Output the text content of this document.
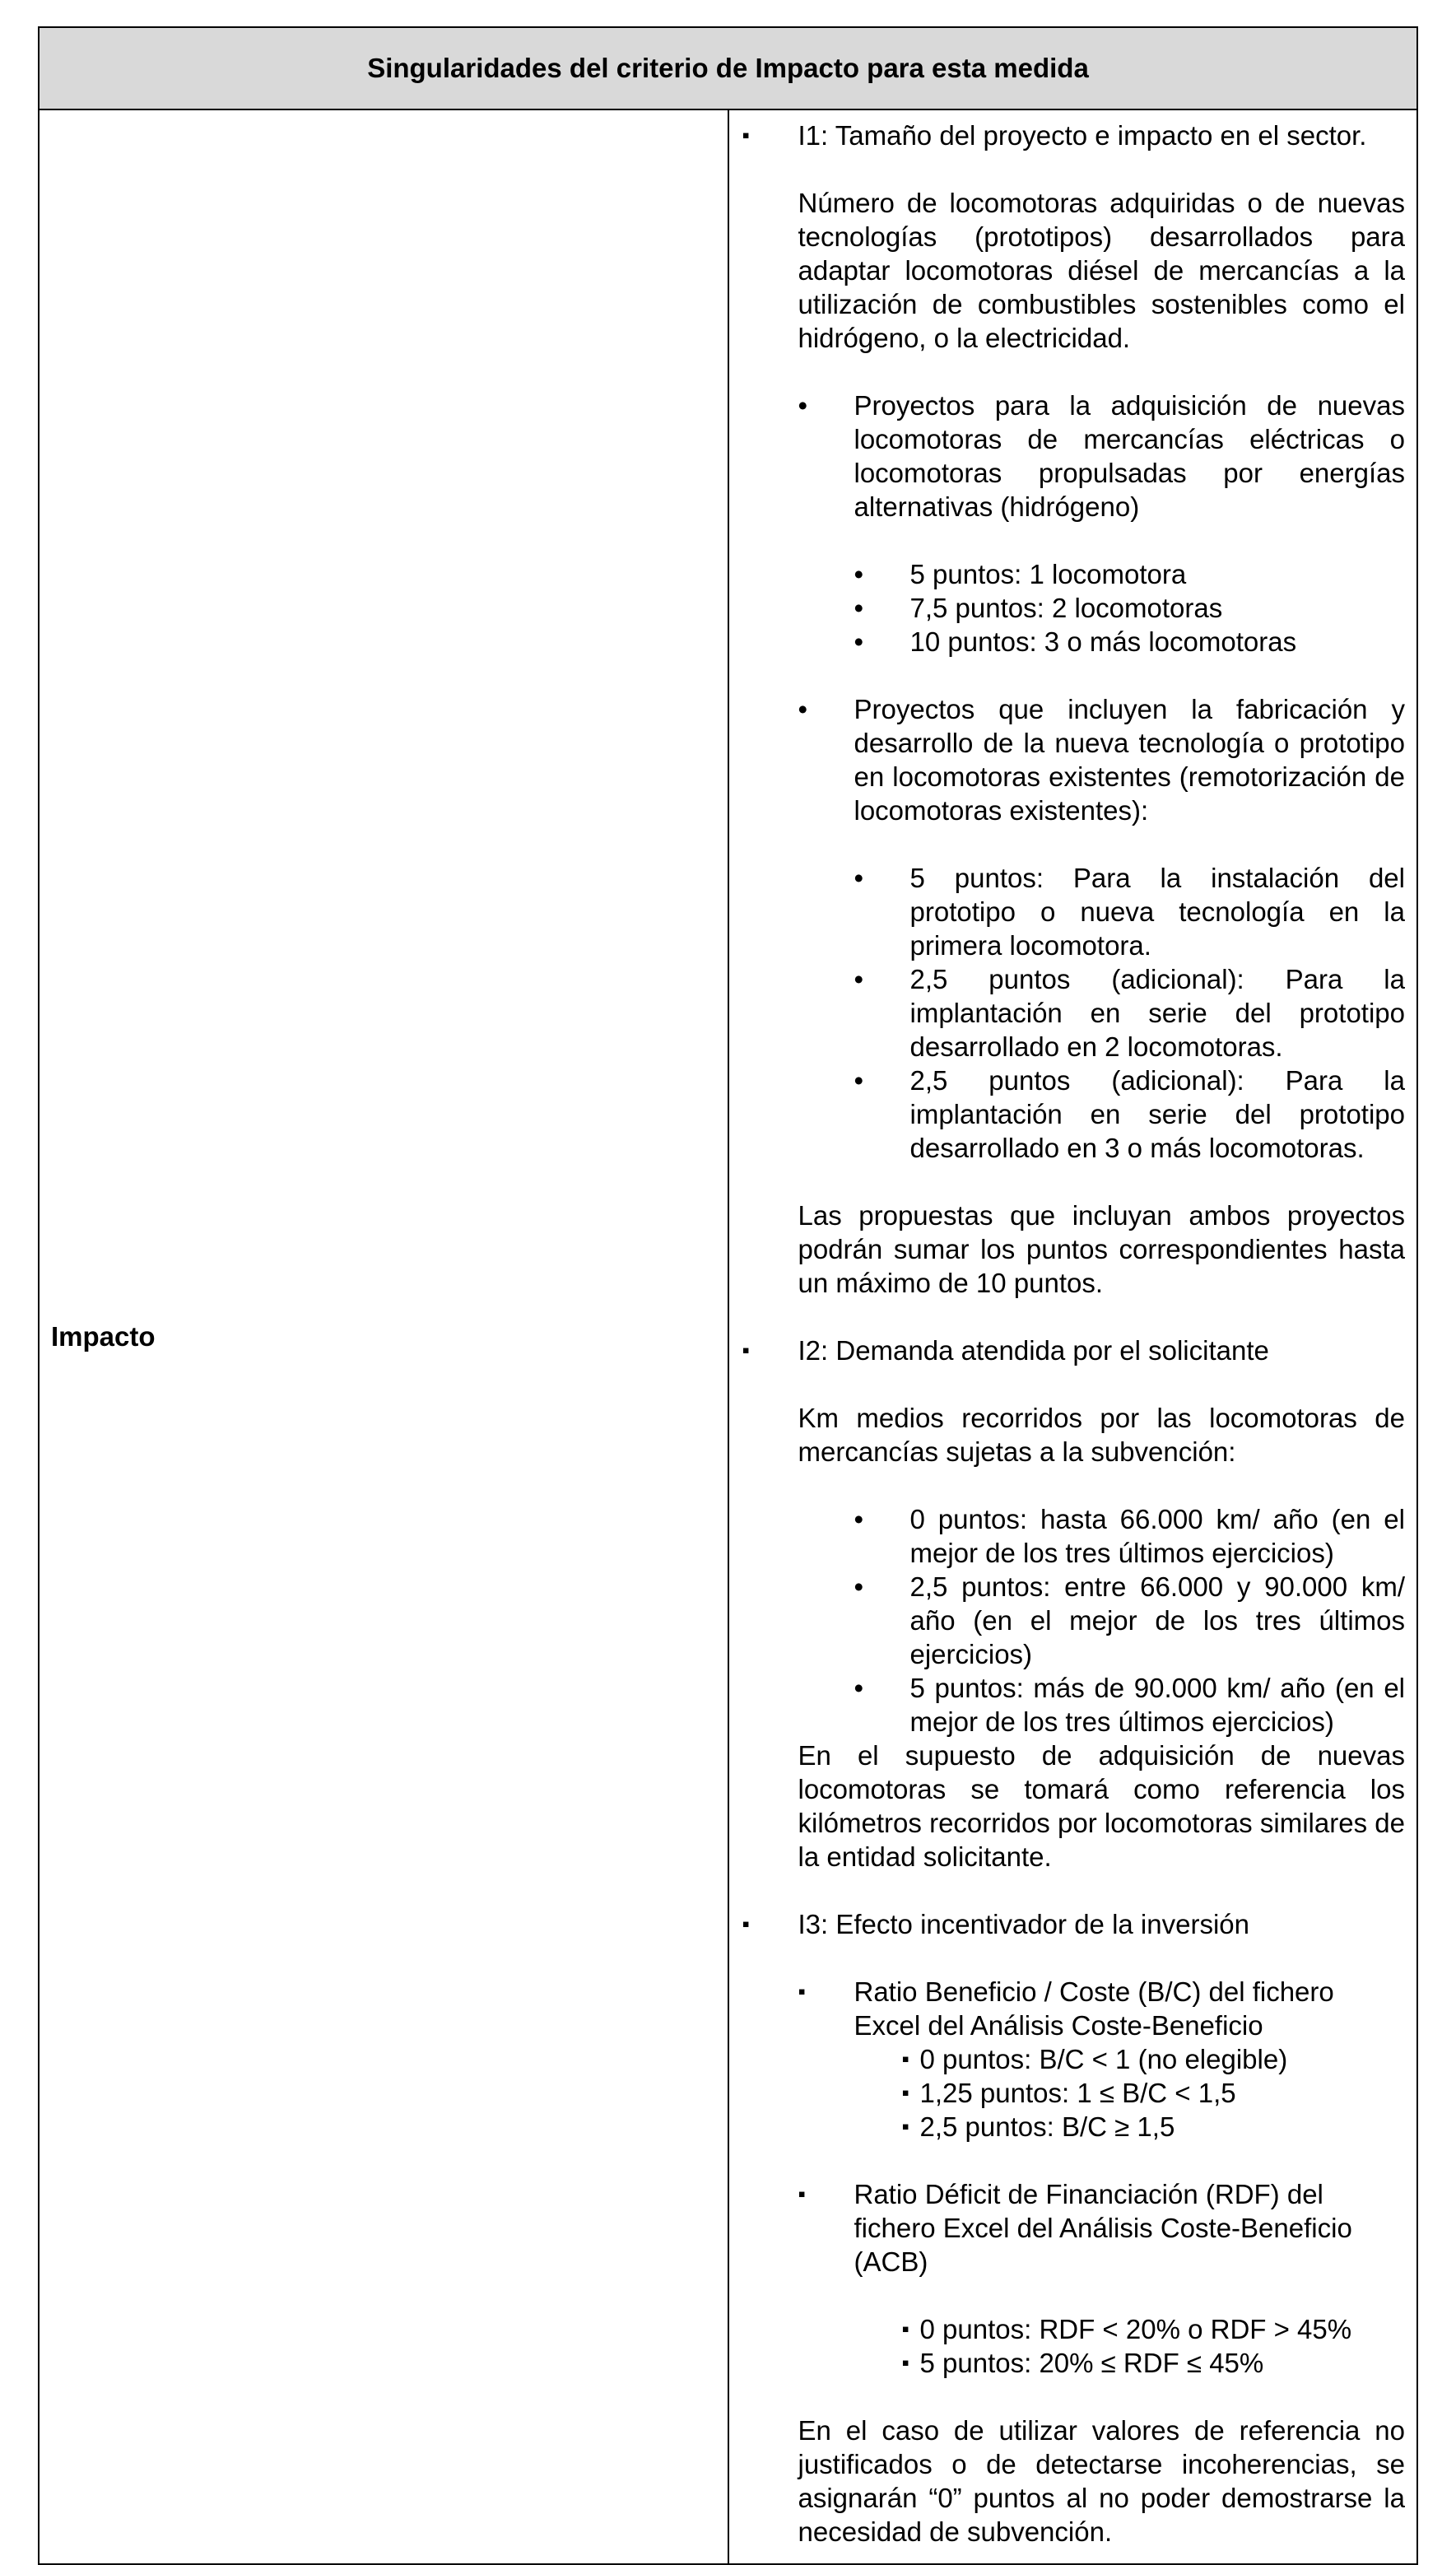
Singularidades del criterio de Impacto para esta medida
Impacto	
▪ I1: Tamaño del proyecto e impacto en el sector.
Número de locomotoras adquiridas o de nuevas tecnologías (prototipos) desarrollados para adaptar locomotoras diésel de mercancías a la utilización de combustibles sostenibles como el hidrógeno, o la electricidad.
• Proyectos para la adquisición de nuevas locomotoras de mercancías eléctricas o locomotoras propulsadas por energías alternativas (hidrógeno)
• 5 puntos: 1 locomotora
• 7,5 puntos: 2 locomotoras
• 10 puntos: 3 o más locomotoras
• Proyectos que incluyen la fabricación y desarrollo de la nueva tecnología o prototipo en locomotoras existentes (remotorización de locomotoras existentes):
• 5 puntos: Para la instalación del prototipo o nueva tecnología en la primera locomotora.
• 2,5 puntos (adicional): Para la implantación en serie del prototipo desarrollado en 2 locomotoras.
• 2,5 puntos (adicional): Para la implantación en serie del prototipo desarrollado en 3 o más locomotoras.
Las propuestas que incluyan ambos proyectos podrán sumar los puntos correspondientes hasta un máximo de 10 puntos.
▪ I2: Demanda atendida por el solicitante
Km medios recorridos por las locomotoras de mercancías sujetas a la subvención:
• 0 puntos: hasta 66.000 km/ año (en el mejor de los tres últimos ejercicios)
• 2,5 puntos: entre 66.000 y 90.000 km/ año (en el mejor de los tres últimos ejercicios)
• 5 puntos: más de 90.000 km/ año (en el mejor de los tres últimos ejercicios)
En el supuesto de adquisición de nuevas locomotoras se tomará como referencia los kilómetros recorridos por locomotoras similares de la entidad solicitante.
▪ I3: Efecto incentivador de la inversión
▪ Ratio Beneficio / Coste (B/C) del fichero Excel del Análisis Coste-Beneficio
▪ 0 puntos: B/C < 1 (no elegible)
▪ 1,25 puntos: 1 ≤ B/C < 1,5
▪ 2,5 puntos: B/C ≥ 1,5
▪ Ratio Déficit de Financiación (RDF) del fichero Excel del Análisis Coste-Beneficio (ACB)
▪ 0 puntos: RDF < 20% o RDF > 45%
▪ 5 puntos: 20% ≤ RDF ≤ 45%
En el caso de utilizar valores de referencia no justificados o de detectarse incoherencias, se asignarán “0” puntos al no poder demostrarse la necesidad de subvención.
